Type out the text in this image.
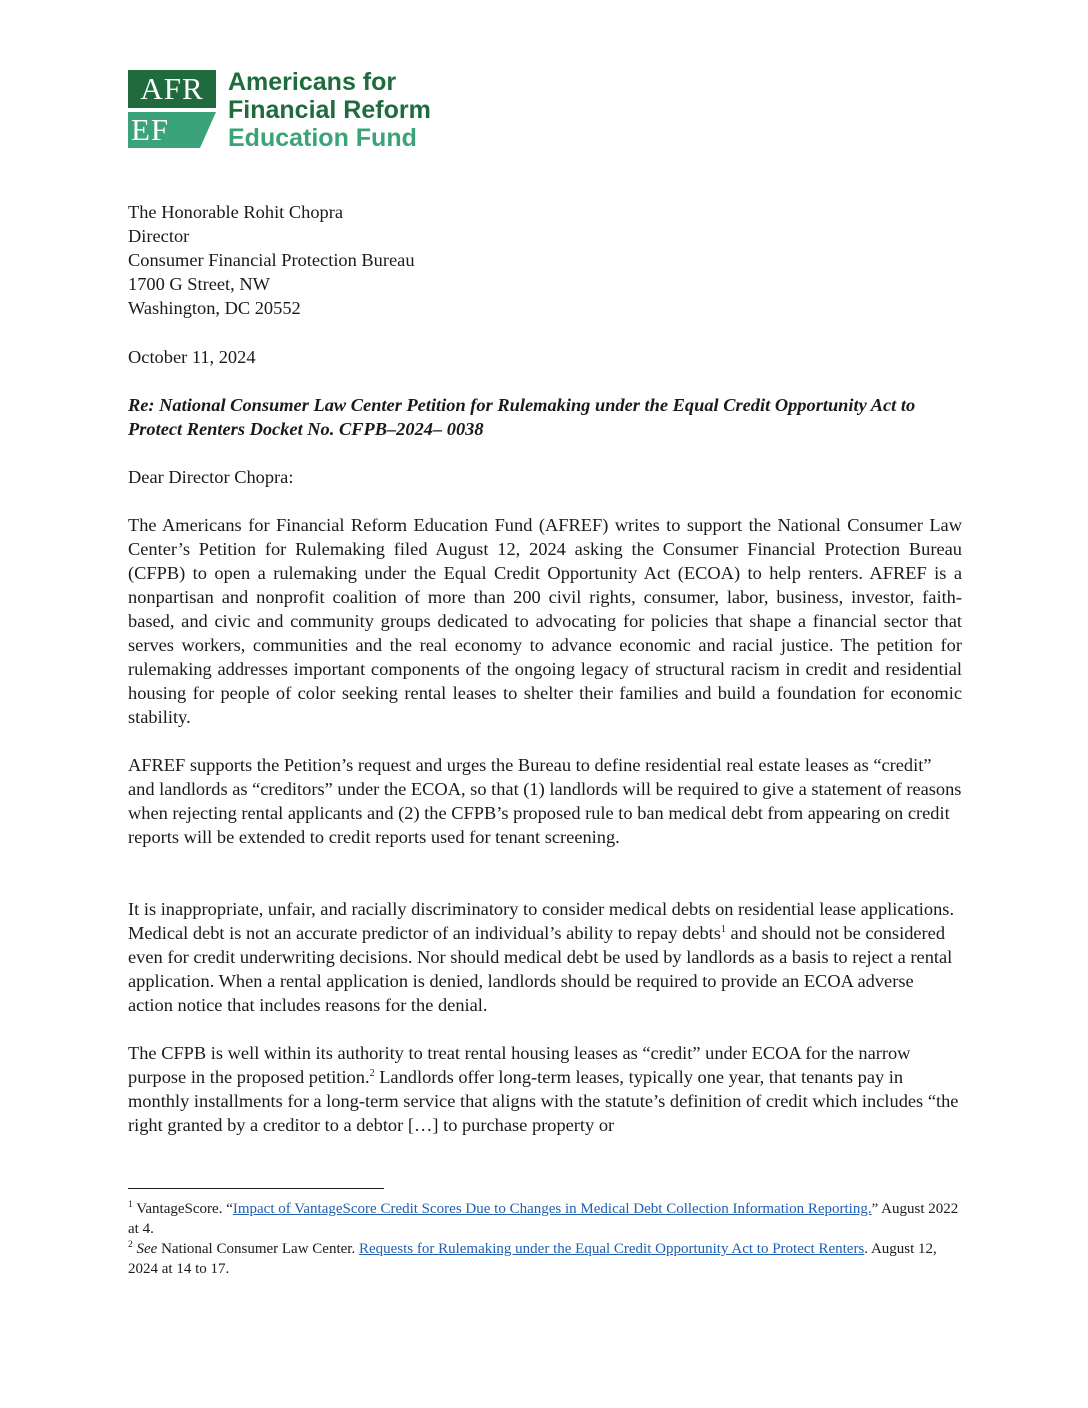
AFR
EF
Americans for
Financial Reform
Education Fund
The Honorable Rohit Chopra
Director
Consumer Financial Protection Bureau
1700 G Street, NW
Washington, DC 20552
October 11, 2024
Re: National Consumer Law Center Petition for Rulemaking under the Equal Credit Opportunity Act to Protect Renters Docket No. CFPB–2024– 0038
Dear Director Chopra:

The Americans for Financial Reform Education Fund (AFREF) writes to support the National Consumer Law Center’s Petition for Rulemaking filed August 12, 2024 asking the Consumer Financial Protection Bureau (CFPB) to open a rulemaking under the Equal Credit Opportunity Act (ECOA) to help renters. AFREF is a nonpartisan and nonprofit coalition of more than 200 civil rights, consumer, labor, business, investor, faith-based, and civic and community groups dedicated to advocating for policies that shape a financial sector that serves workers, communities and the real economy to advance economic and racial justice. The petition for rulemaking addresses important components of the ongoing legacy of structural racism in credit and residential housing for people of color seeking rental leases to shelter their families and build a foundation for economic stability.

AFREF supports the Petition’s request and urges the Bureau to define residential real estate leases as “credit” and landlords as “creditors” under the ECOA, so that (1) landlords will be required to give a statement of reasons when rejecting rental applicants and (2) the CFPB’s proposed rule to ban medical debt from appearing on credit reports will be extended to credit reports used for tenant screening.

It is inappropriate, unfair, and racially discriminatory to consider medical debts on residential lease applications. Medical debt is not an accurate predictor of an individual’s ability to repay debts$^1$ and should not be considered even for credit underwriting decisions. Nor should medical debt be used by landlords as a basis to reject a rental application. When a rental application is denied, landlords should be required to provide an ECOA adverse action notice that includes reasons for the denial.

The CFPB is well within its authority to treat rental housing leases as “credit” under ECOA for the narrow purpose in the proposed petition.$^2$ Landlords offer long-term leases, typically one year, that tenants pay in monthly installments for a long-term service that aligns with the statute’s definition of credit which includes “the right granted by a creditor to a debtor […] to purchase property or

$^1$ VantageScore. “Impact of VantageScore Credit Scores Due to Changes in Medical Debt Collection Information Reporting.” August 2022 at 4.

$^2$ See National Consumer Law Center. Requests for Rulemaking under the Equal Credit Opportunity Act to Protect Renters. August 12, 2024 at 14 to 17.
